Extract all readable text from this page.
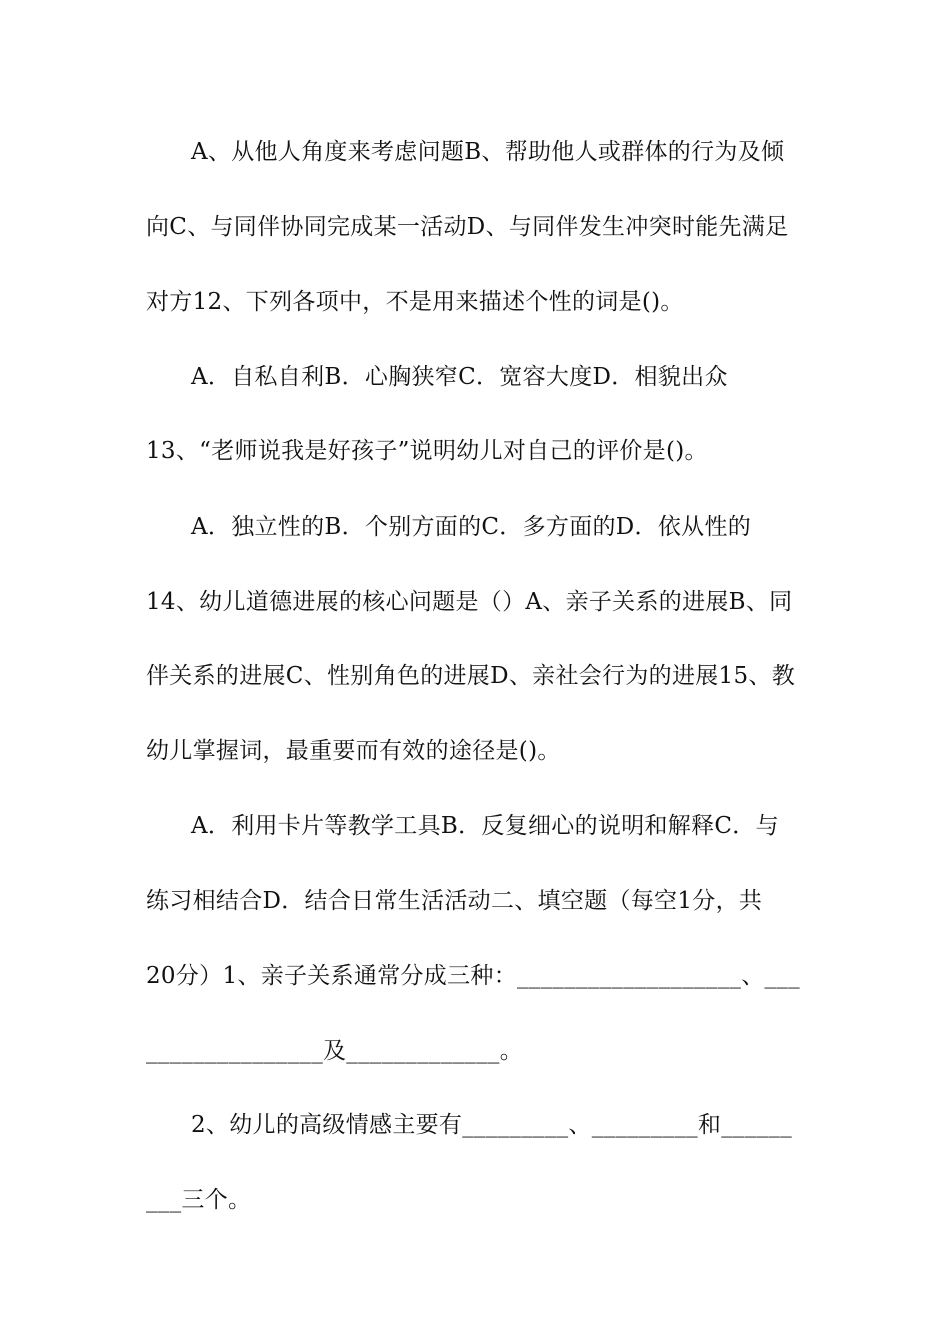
A、从他人角度来考虑问题B、帮助他人或群体的行为及倾
向C、与同伴协同完成某一活动D、与同伴发生冲突时能先满足
对方12、下列各项中，不是用来描述个性的词是()。
A．自私自利B．心胸狭窄C．宽容大度D．相貌出众
13、“老师说我是好孩子”说明幼儿对自己的评价是()。
A．独立性的B．个别方面的C．多方面的D．依从性的
14、幼儿道德进展的核心问题是（）A、亲子关系的进展B、同
伴关系的进展C、性别角色的进展D、亲社会行为的进展15、教
幼儿掌握词，最重要而有效的途径是()。
A．利用卡片等教学工具B．反复细心的说明和解释C．与
练习相结合D．结合日常生活活动二、填空题（每空1分，共
20分）1、亲子关系通常分成三种：___________________、___
_______________及_____________。
2、幼儿的高级情感主要有_________、_________和______
___三个。
